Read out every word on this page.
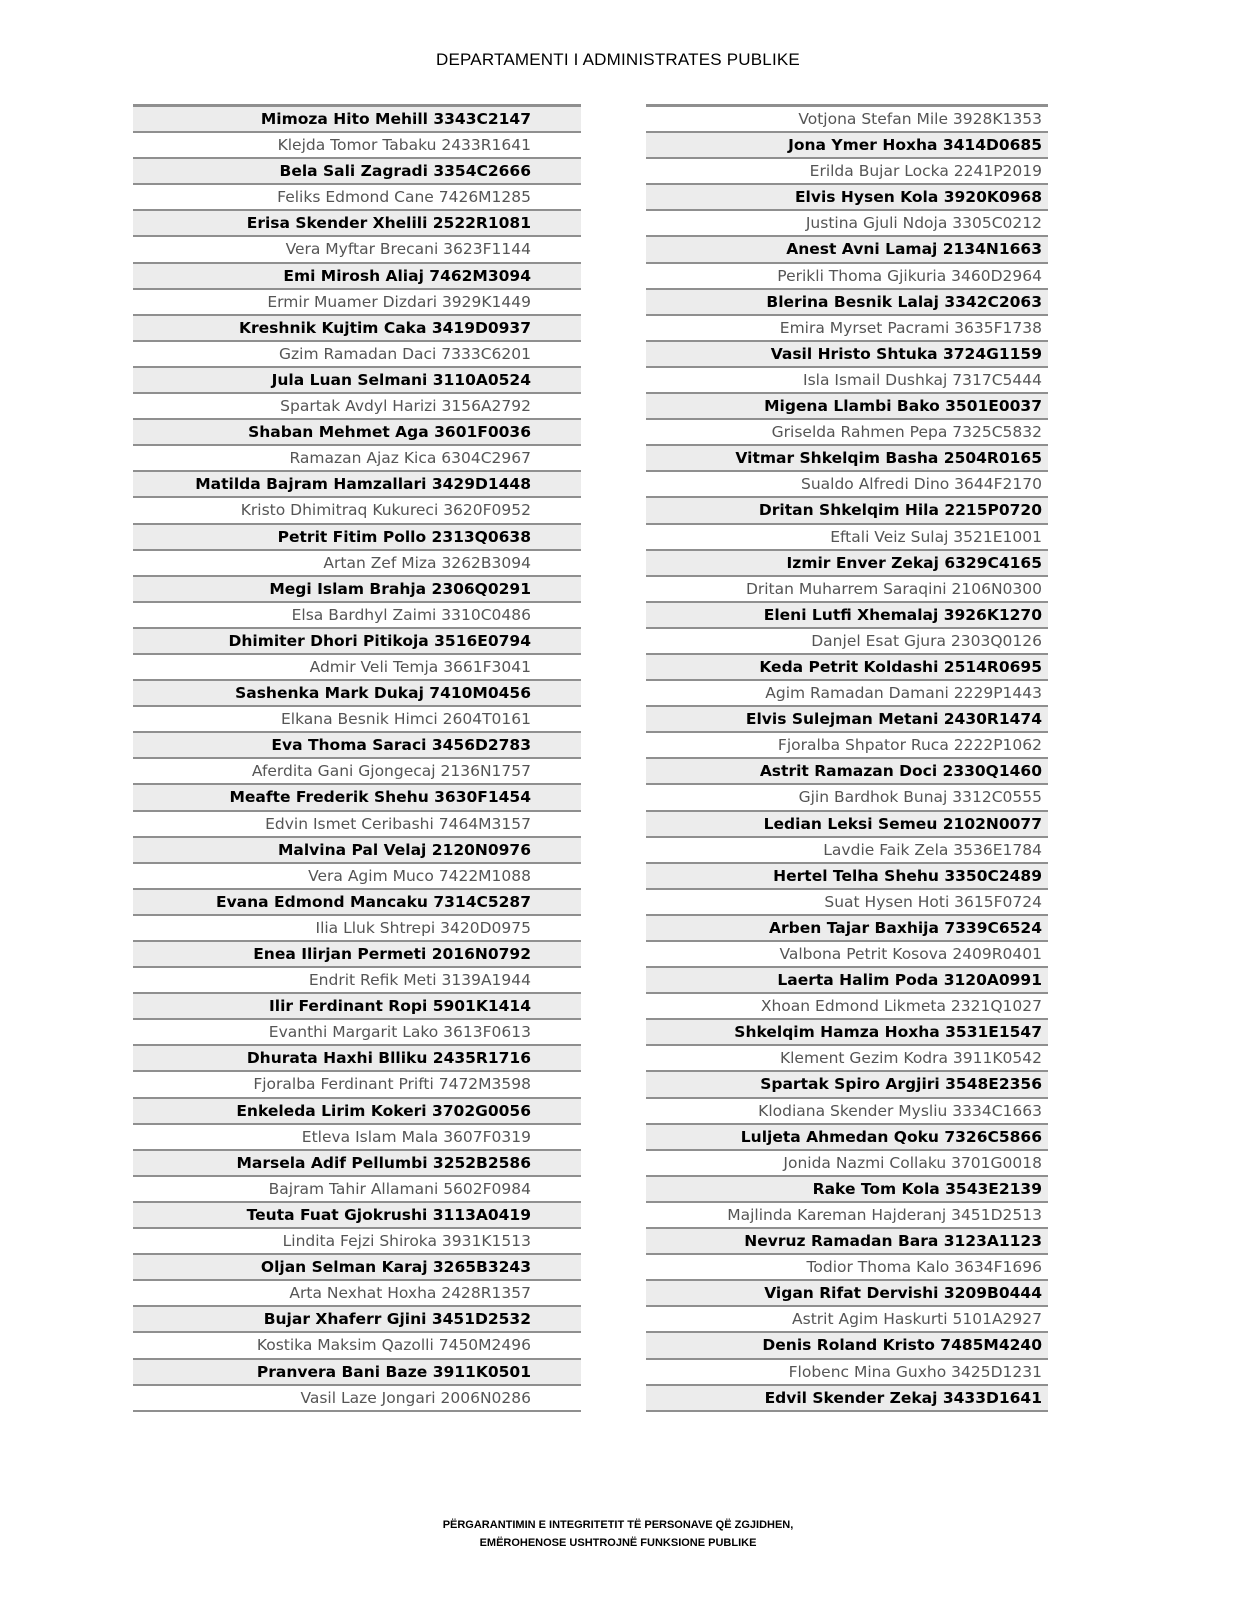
DEPARTAMENTI I ADMINISTRATES PUBLIKE
Mimoza Hito Mehill 3343C2147
Klejda Tomor Tabaku 2433R1641
Bela Sali Zagradi 3354C2666
Feliks Edmond Cane 7426M1285
Erisa Skender Xhelili 2522R1081
Vera Myftar Brecani 3623F1144
Emi Mirosh Aliaj 7462M3094
Ermir Muamer Dizdari 3929K1449
Kreshnik Kujtim Caka 3419D0937
Gzim Ramadan Daci 7333C6201
Jula Luan Selmani 3110A0524
Spartak Avdyl Harizi 3156A2792
Shaban Mehmet Aga 3601F0036
Ramazan Ajaz Kica 6304C2967
Matilda Bajram Hamzallari 3429D1448
Kristo Dhimitraq Kukureci 3620F0952
Petrit Fitim Pollo 2313Q0638
Artan Zef Miza 3262B3094
Megi Islam Brahja 2306Q0291
Elsa Bardhyl Zaimi 3310C0486
Dhimiter Dhori Pitikoja 3516E0794
Admir Veli Temja 3661F3041
Sashenka Mark Dukaj 7410M0456
Elkana Besnik Himci 2604T0161
Eva Thoma Saraci 3456D2783
Aferdita Gani Gjongecaj 2136N1757
Meafte Frederik Shehu 3630F1454
Edvin Ismet Ceribashi 7464M3157
Malvina Pal Velaj 2120N0976
Vera Agim Muco 7422M1088
Evana Edmond Mancaku 7314C5287
Ilia Lluk Shtrepi 3420D0975
Enea Ilirjan Permeti 2016N0792
Endrit Refik Meti 3139A1944
Ilir Ferdinant Ropi 5901K1414
Evanthi Margarit Lako 3613F0613
Dhurata Haxhi Blliku 2435R1716
Fjoralba Ferdinant Prifti 7472M3598
Enkeleda Lirim Kokeri 3702G0056
Etleva Islam Mala 3607F0319
Marsela Adif Pellumbi 3252B2586
Bajram Tahir Allamani 5602F0984
Teuta Fuat Gjokrushi 3113A0419
Lindita Fejzi Shiroka 3931K1513
Oljan Selman Karaj 3265B3243
Arta Nexhat Hoxha 2428R1357
Bujar Xhaferr Gjini 3451D2532
Kostika Maksim Qazolli 7450M2496
Pranvera Bani Baze 3911K0501
Vasil Laze Jongari 2006N0286
Votjona Stefan Mile 3928K1353
Jona Ymer Hoxha 3414D0685
Erilda Bujar Locka 2241P2019
Elvis Hysen Kola 3920K0968
Justina Gjuli Ndoja 3305C0212
Anest Avni Lamaj 2134N1663
Perikli Thoma Gjikuria 3460D2964
Blerina Besnik Lalaj 3342C2063
Emira Myrset Pacrami 3635F1738
Vasil Hristo Shtuka 3724G1159
Isla Ismail Dushkaj 7317C5444
Migena Llambi Bako 3501E0037
Griselda Rahmen Pepa 7325C5832
Vitmar Shkelqim Basha 2504R0165
Sualdo Alfredi Dino 3644F2170
Dritan Shkelqim Hila 2215P0720
Eftali Veiz Sulaj 3521E1001
Izmir Enver Zekaj 6329C4165
Dritan Muharrem Saraqini 2106N0300
Eleni Lutfi Xhemalaj 3926K1270
Danjel Esat Gjura 2303Q0126
Keda Petrit Koldashi 2514R0695
Agim Ramadan Damani 2229P1443
Elvis Sulejman Metani 2430R1474
Fjoralba Shpator Ruca 2222P1062
Astrit Ramazan Doci 2330Q1460
Gjin Bardhok Bunaj 3312C0555
Ledian Leksi Semeu 2102N0077
Lavdie Faik Zela 3536E1784
Hertel Telha Shehu 3350C2489
Suat Hysen Hoti 3615F0724
Arben Tajar Baxhija 7339C6524
Valbona Petrit Kosova 2409R0401
Laerta Halim Poda 3120A0991
Xhoan Edmond Likmeta 2321Q1027
Shkelqim Hamza Hoxha 3531E1547
Klement Gezim Kodra 3911K0542
Spartak Spiro Argjiri 3548E2356
Klodiana Skender Mysliu 3334C1663
Luljeta Ahmedan Qoku 7326C5866
Jonida Nazmi Collaku 3701G0018
Rake Tom Kola 3543E2139
Majlinda Kareman Hajderanj 3451D2513
Nevruz Ramadan Bara 3123A1123
Todior Thoma Kalo 3634F1696
Vigan Rifat Dervishi 3209B0444
Astrit Agim Haskurti 5101A2927
Denis Roland Kristo 7485M4240
Flobenc Mina Guxho 3425D1231
Edvil Skender Zekaj 3433D1641
PËRGARANTIMIN E INTEGRITETIT TË PERSONAVE QË ZGJIDHEN,
EMËROHENOSE USHTROJNË FUNKSIONE PUBLIKE
